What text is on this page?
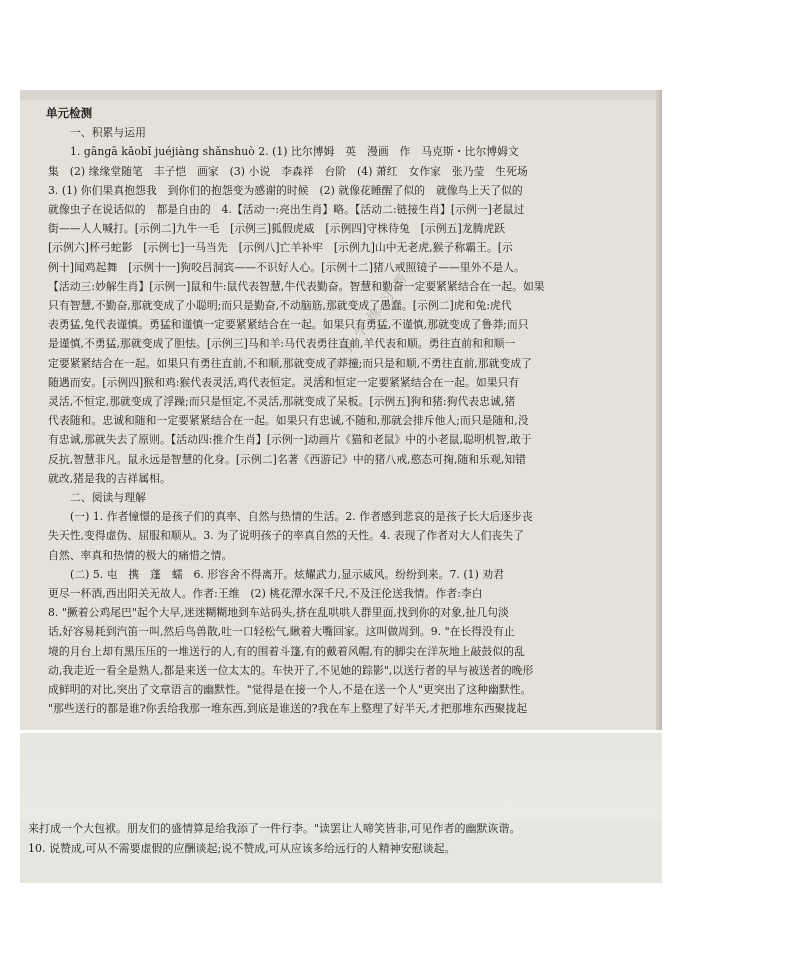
思 微 手 学 练 习 帮

单元检测

一、积累与运用

1. gāngā kǎobǐ juéjiàng shǎnshuò 2. (1) 比尔博姆　英　漫画　作　马克斯・比尔博姆文

集　(2) 缘缘堂随笔　丰子恺　画家　(3) 小说　李森祥　台阶　(4) 萧红　女作家　张乃莹　生死场

3. (1) 你们果真抱怨我　到你们的抱怨变为感谢的时候　(2) 就像花睡醒了似的　就像鸟上天了似的

就像虫子在说话似的　都是自由的　4.【活动一:亮出生肖】略。【活动二:链接生肖】[示例一]老鼠过

街——人人喊打。[示例二]九牛一毛　[示例三]狐假虎威　[示例四]守株待兔　[示例五]龙腾虎跃

[示例六]杯弓蛇影　[示例七]一马当先　[示例八]亡羊补牢　[示例九]山中无老虎,猴子称霸王。[示

例十]闻鸡起舞　[示例十一]狗咬吕洞宾——不识好人心。[示例十二]猪八戒照镜子——里外不是人。

【活动三:妙解生肖】[示例一]鼠和牛:鼠代表智慧,牛代表勤奋。智慧和勤奋一定要紧紧结合在一起。如果

只有智慧,不勤奋,那就变成了小聪明;而只是勤奋,不动脑筋,那就变成了愚蠢。[示例二]虎和兔:虎代

表勇猛,兔代表谨慎。勇猛和谨慎一定要紧紧结合在一起。如果只有勇猛,不谨慎,那就变成了鲁莽;而只

是谨慎,不勇猛,那就变成了胆怯。[示例三]马和羊:马代表勇往直前,羊代表和顺。勇往直前和和顺一

定要紧紧结合在一起。如果只有勇往直前,不和顺,那就变成了莽撞;而只是和顺,不勇往直前,那就变成了

随遇而安。[示例四]猴和鸡:猴代表灵活,鸡代表恒定。灵活和恒定一定要紧紧结合在一起。如果只有

灵活,不恒定,那就变成了浮躁;而只是恒定,不灵活,那就变成了呆板。[示例五]狗和猪:狗代表忠诚,猪

代表随和。忠诚和随和一定要紧紧结合在一起。如果只有忠诚,不随和,那就会排斥他人;而只是随和,没

有忠诚,那就失去了原则。【活动四:推介生肖】[示例一]动画片《猫和老鼠》中的小老鼠,聪明机智,敢于

反抗,智慧非凡。鼠永远是智慧的化身。[示例二]名著《西游记》中的猪八戒,憨态可掬,随和乐观,知错

就改,猪是我的吉祥属相。

二、阅读与理解

(一) 1. 作者憧憬的是孩子们的真率、自然与热情的生活。2. 作者感到悲哀的是孩子长大后逐步丧

失天性,变得虚伪、屈服和顺从。3. 为了说明孩子的率真自然的天性。4. 表现了作者对大人们丧失了

自然、率真和热情的极大的痛惜之情。

(二) 5. 屯　携　蓬　蠕　6. 形容舍不得离开。炫耀武力,显示威风。纷纷到来。7. (1) 劝君

更尽一杯酒,西出阳关无故人。作者:王维　(2) 桃花潭水深千尺,不及汪伦送我情。作者:李白

8. "撅着公鸡尾巴"起个大早,迷迷糊糊地到车站码头,挤在乱哄哄人群里面,找到你的对象,扯几句淡

话,好容易耗到汽笛一叫,然后鸟兽散,吐一口轻松气,瞅着大嘴回家。这叫做周到。9. "在长得没有止

境的月台上却有黑压压的一堆送行的人,有的围着斗篷,有的戴着风帽,有的脚尖在洋灰地上敲鼓似的乱

动,我走近一看全是熟人,都是来送一位太太的。车快开了,不见她的踪影",以送行者的早与被送者的晚形

成鲜明的对比,突出了文章语言的幽默性。"觉得是在接一个人,不是在送一个人"更突出了这种幽默性。

"那些送行的都是谁?你丢给我那一堆东西,到底是谁送的?我在车上整理了好半天,才把那堆东西聚拢起

来打成一个大包袱。朋友们的盛情算是给我添了一件行李。"读罢让人啼笑皆非,可见作者的幽默诙谐。

10. 说赞成,可从不需要虚假的应酬谈起;说不赞成,可从应该多给远行的人精神安慰谈起。
